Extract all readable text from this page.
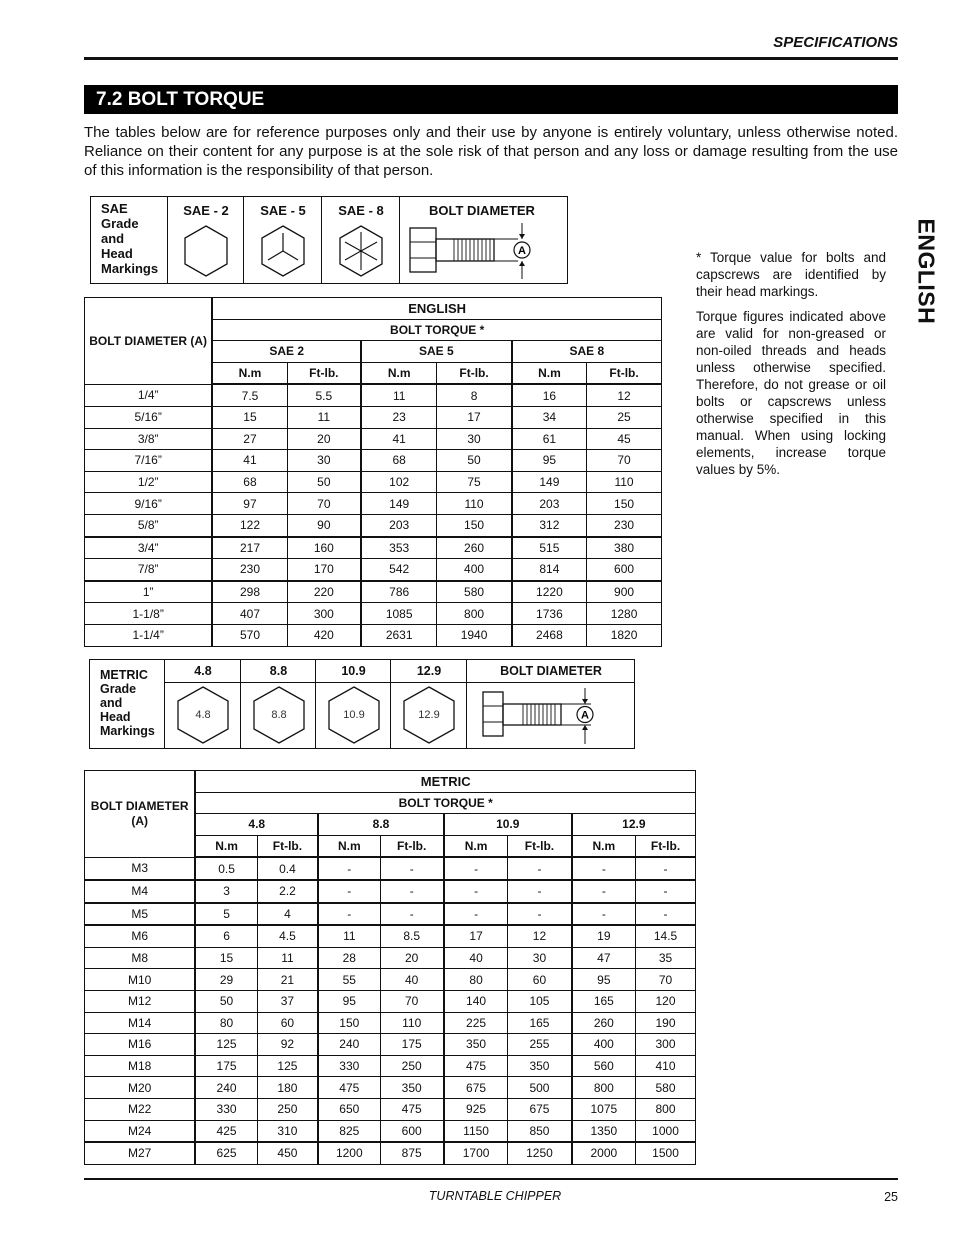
SPECIFICATIONS
7.2 BOLT TORQUE
The tables below are for reference purposes only and their use by anyone is entirely voluntary, unless otherwise noted. Reliance on their content for any purpose is at the sole risk of that person and any loss or damage resulting from the use of this information is the responsibility of that person.
SAE
Grade
and
Head
Markings
SAE - 2	SAE - 5	SAE - 8	BOLT DIAMETER
A
BOLT DIAMETER (A)	ENGLISH					
	BOLT TORQUE *					
	SAE 2		SAE 5		SAE 8	
	N.m	Ft-lb.	N.m	Ft-lb.	N.m	Ft-lb.
1/4”	7.5	5.5	11	8	16	12
5/16”	15	11	23	17	34	25
3/8”	27	20	41	30	61	45
7/16”	41	30	68	50	95	70
1/2”	68	50	102	75	149	110
9/16”	97	70	149	110	203	150
5/8”	122	90	203	150	312	230
3/4”	217	160	353	260	515	380
7/8”	230	170	542	400	814	600
1”	298	220	786	580	1220	900
1-1/8”	407	300	1085	800	1736	1280
1-1/4”	570	420	2631	1940	2468	1820

* Torque value for bolts and capscrews are identified by their head markings.

Torque figures indicated above are valid for non-greased or non-oiled threads and heads unless otherwise specified. Therefore, do not grease or oil bolts or capscrews unless otherwise specified in this manual. When using locking elements, increase torque values by 5%.

ENGLISH
METRIC
Grade
and
Head
Markings
4.8
4.8
8.8
8.8
10.9
10.9
12.9
12.9
BOLT DIAMETER
A
BOLT DIAMETER (A)	METRIC							
	BOLT TORQUE *							
	4.8		8.8		10.9		12.9	
	N.m	Ft-lb.	N.m	Ft-lb.	N.m	Ft-lb.	N.m	Ft-lb.
M3	0.5	0.4	-	-	-	-	-	-
M4	3	2.2	-	-	-	-	-	-
M5	5	4	-	-	-	-	-	-
M6	6	4.5	11	8.5	17	12	19	14.5
M8	15	11	28	20	40	30	47	35
M10	29	21	55	40	80	60	95	70
M12	50	37	95	70	140	105	165	120
M14	80	60	150	110	225	165	260	190
M16	125	92	240	175	350	255	400	300
M18	175	125	330	250	475	350	560	410
M20	240	180	475	350	675	500	800	580
M22	330	250	650	475	925	675	1075	800
M24	425	310	825	600	1150	850	1350	1000
M27	625	450	1200	875	1700	1250	2000	1500
TURNTABLE CHIPPER	25
